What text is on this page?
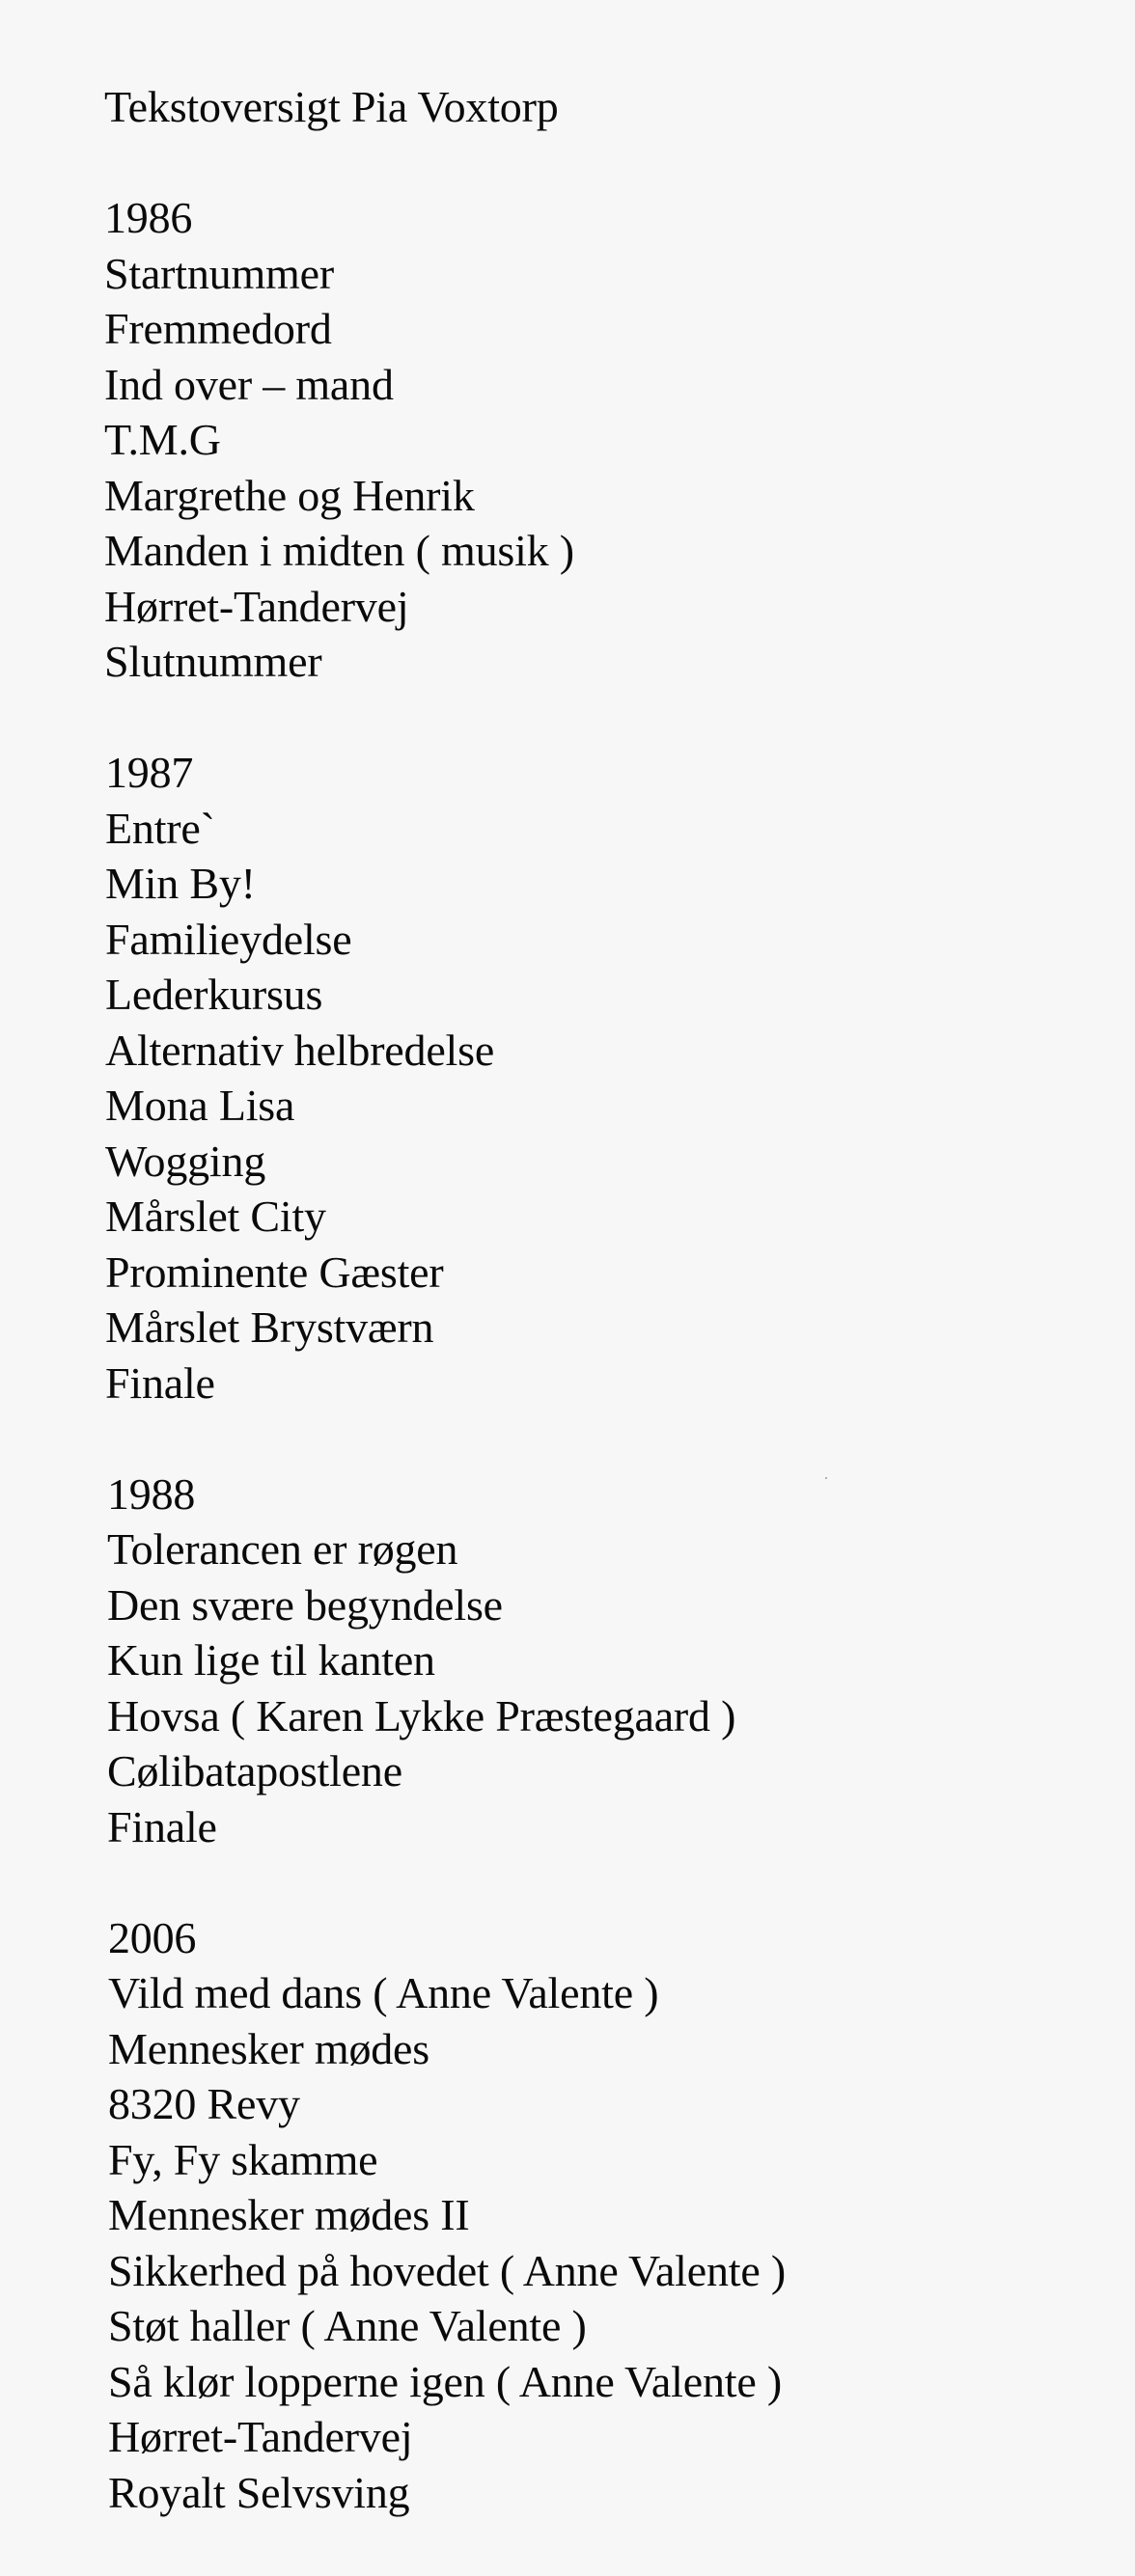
Tekstoversigt Pia Voxtorp
1986
Startnummer
Fremmedord
Ind over – mand
T.M.G
Margrethe og Henrik
Manden i midten ( musik )
Hørret-Tandervej
Slutnummer
1987
Entre`
Min By!
Familieydelse
Lederkursus
Alternativ helbredelse
Mona Lisa
Wogging
Mårslet City
Prominente Gæster
Mårslet Brystværn
Finale
1988
Tolerancen er røgen
Den svære begyndelse
Kun lige til kanten
Hovsa ( Karen Lykke Præstegaard )
Cølibatapostlene
Finale
2006
Vild med dans ( Anne Valente )
Mennesker mødes
8320 Revy
Fy, Fy skamme
Mennesker mødes II
Sikkerhed på hovedet ( Anne Valente )
Støt haller ( Anne Valente )
Så klør lopperne igen ( Anne Valente )
Hørret-Tandervej
Royalt Selvsving
